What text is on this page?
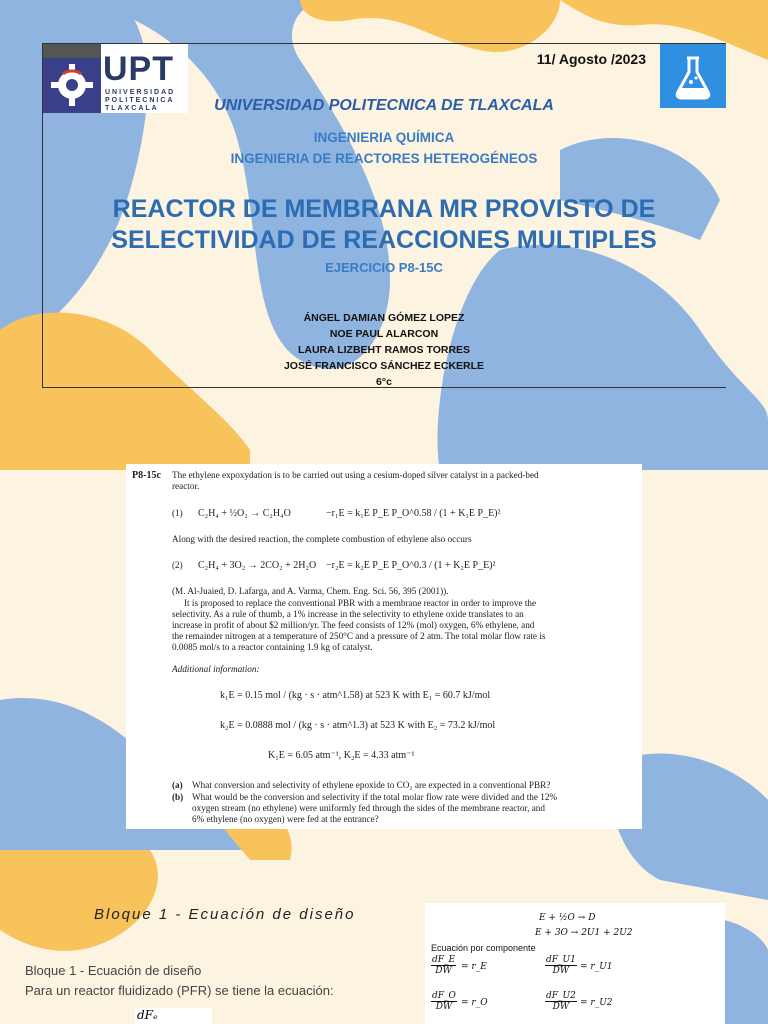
UPT
UNIVERSIDAD
POLITECNICA
TLAXCALA
11/ Agosto /2023
UNIVERSIDAD POLITECNICA DE TLAXCALA
INGENIERIA QUÍMICA
INGENIERIA DE REACTORES HETEROGÉNEOS
REACTOR DE MEMBRANA MR PROVISTO DE
SELECTIVIDAD DE REACCIONES MULTIPLES
EJERCICIO P8-15C
ÁNGEL DAMIAN GÓMEZ LOPEZ
NOE PAUL ALARCON
LAURA LIZBEHT RAMOS TORRES
JOSÉ FRANCISCO SÁNCHEZ ECKERLE
6°c
P8-15c The ethylene expoxydation is to be carried out using a cesium-doped silver catalyst in a packed-bed
reactor.
(1) C₂H₄ + ½O₂ → C₂H₄O	−r₁E = k₁E P_E P_O^0.58 / (1 + K₁E P_E)²
Along with the desired reaction, the complete combustion of ethylene also occurs
(2) C₂H₄ + 3O₂ → 2CO₂ + 2H₂O −r₂E = k₂E P_E P_O^0.3 / (1 + K₂E P_E)²
(M. Al-Juaied, D. Lafarga, and A. Varma, Chem. Eng. Sci. 56, 395 (2001)).
It is proposed to replace the conventional PBR with a membrane reactor in order to improve the
selectivity. As a rule of thumb, a 1% increase in the selectivity to ethylene oxide translates to an
increase in profit of about $2 million/yr. The feed consists of 12% (mol) oxygen, 6% ethylene, and
the remainder nitrogen at a temperature of 250°C and a pressure of 2 atm. The total molar flow rate is
0.0085 mol/s to a reactor containing 1.9 kg of catalyst.
Additional information:
k₁E = 0.15 mol / (kg · s · atm^1.58) at 523 K with E₁ = 60.7 kJ/mol
k₂E = 0.0888 mol / (kg · s · atm^1.3) at 523 K with E₂ = 73.2 kJ/mol
K₁E = 6.05 atm⁻¹, K₂E = 4.33 atm⁻¹
(a) What conversion and selectivity of ethylene epoxide to CO₂ are expected in a conventional PBR?
(b) What would be the conversion and selectivity if the total molar flow rate were divided and the 12%
oxygen stream (no ethylene) were uniformly fed through the sides of the membrane reactor, and
6% ethylene (no oxygen) were fed at the entrance?
Bloque 1 - Ecuación de diseño
Bloque 1 - Ecuación de diseño
Para un reactor fluidizado (PFR) se tiene la ecuación:
dFₑ
E + ½O → D
E + 3O → 2U1 + 2U2
Ecuación por componente
$\frac{dF\_E}{DW}$ = r_E	$\frac{dF\_U1}{DW}$ = r_U1
$\frac{dF\_O}{DW}$ = r_O	$\frac{dF\_U2}{DW}$ = r_U2
